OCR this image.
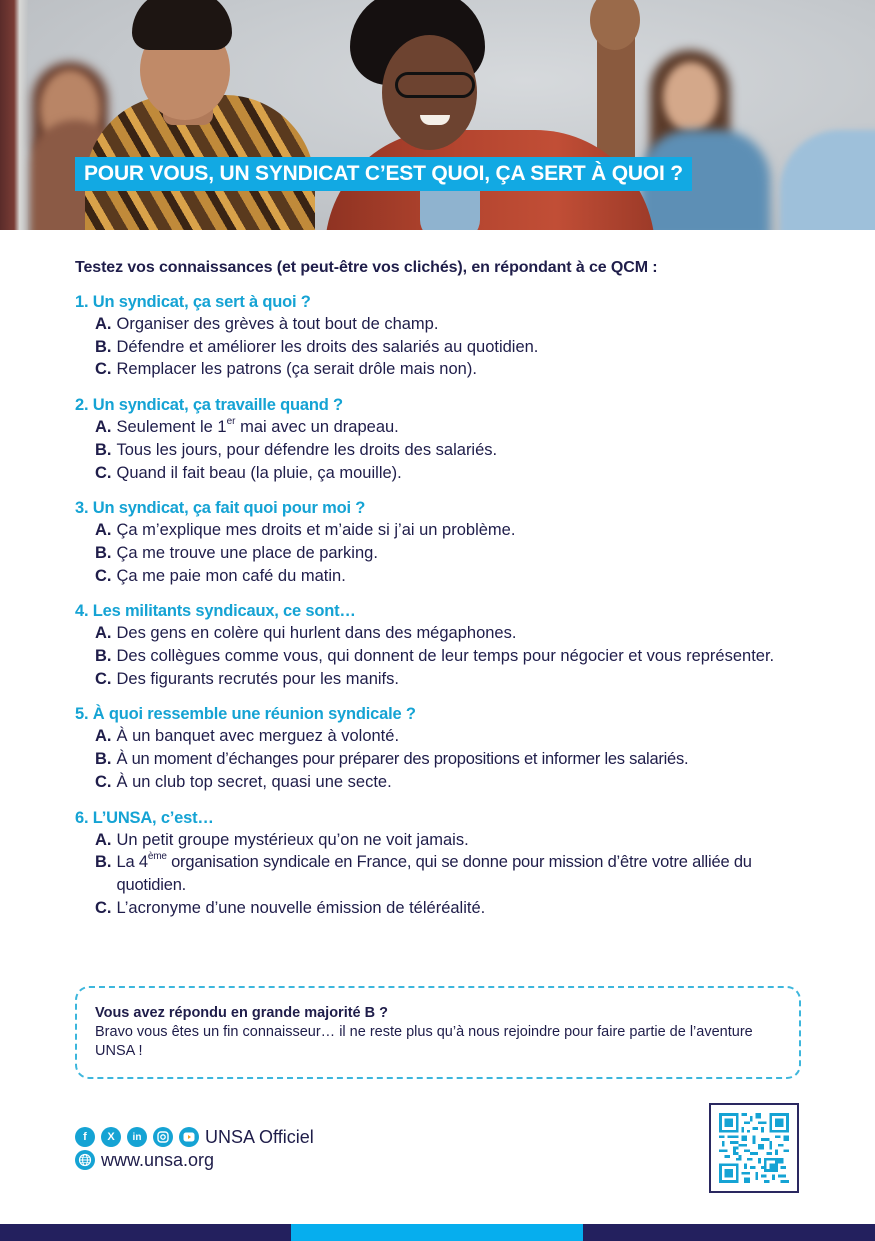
POUR VOUS, UN SYNDICAT C’EST QUOI, ÇA SERT À QUOI ?
Testez vos connaissances (et peut-être vos clichés), en répondant à ce QCM :
1. Un syndicat, ça sert à quoi ?
A. Organiser des grèves à tout bout de champ.
B. Défendre et améliorer les droits des salariés au quotidien.
C. Remplacer les patrons (ça serait drôle mais non).
2. Un syndicat, ça travaille quand ?
A. Seulement le 1er mai avec un drapeau.
B. Tous les jours, pour défendre les droits des salariés.
C. Quand il fait beau (la pluie, ça mouille).
3. Un syndicat, ça fait quoi pour moi ?
A. Ça m’explique mes droits et m’aide si j’ai un problème.
B. Ça me trouve une place de parking.
C. Ça me paie mon café du matin.
4. Les militants syndicaux, ce sont…
A. Des gens en colère qui hurlent dans des mégaphones.
B. Des collègues comme vous, qui donnent de leur temps pour négocier et vous représenter.
C. Des figurants recrutés pour les manifs.
5. À quoi ressemble une réunion syndicale ?
A. À un banquet avec merguez à volonté.
B. À un moment d’échanges pour préparer des propositions et informer les salariés.
C. À un club top secret, quasi une secte.
6. L’UNSA, c’est…
A. Un petit groupe mystérieux qu’on ne voit jamais.
B. La 4ème organisation syndicale en France, qui se donne pour mission d’être votre alliée du quotidien.
C. L’acronyme d’une nouvelle émission de téléréalité.
Vous avez répondu en grande majorité B ?
Bravo vous êtes un fin connaisseur… il ne reste plus qu’à nous rejoindre pour faire partie de l’aventure UNSA !
f X in	UNSA Officiel
www.unsa.org
